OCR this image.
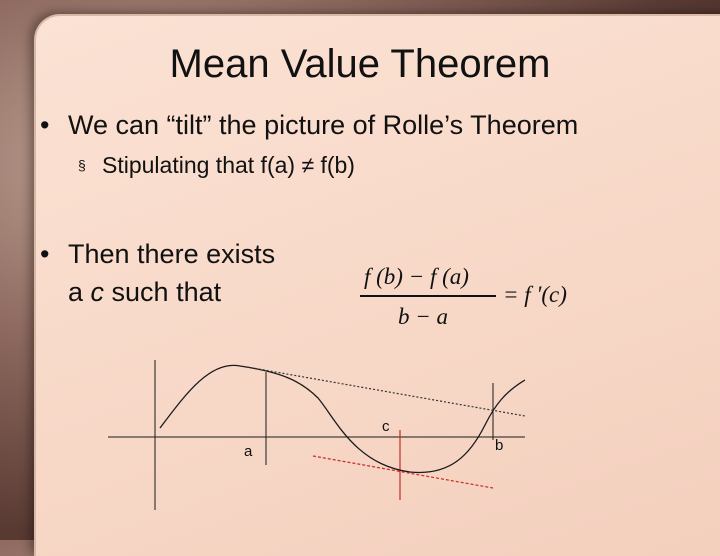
Mean Value Theorem
• We can “tilt” the picture of Rolle’s Theorem
§ Stipulating that f(a) ≠ f(b)
• Then there exists
a c such that
f (b) − f (a)
b − a
= f '(c)
a	b
c
